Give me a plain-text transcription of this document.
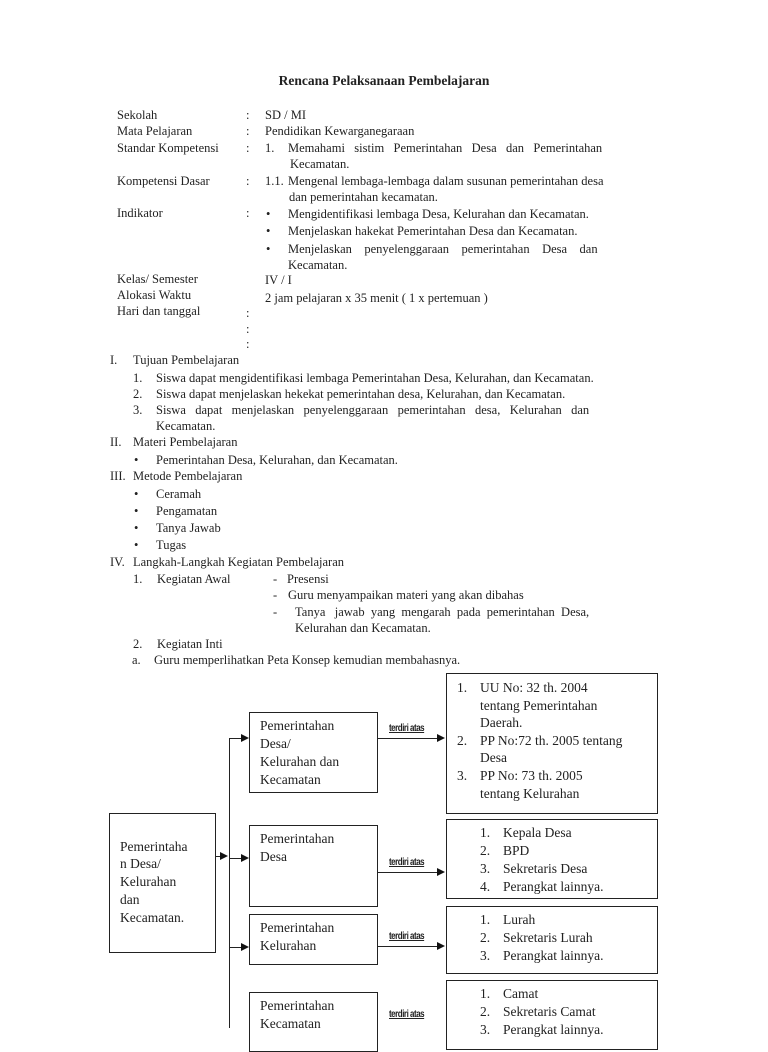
Rencana Pelaksanaan Pembelajaran
Sekolah	: SD / MI
Mata Pelajaran	: Pendidikan Kewarganegaraan
Standar Kompetensi : 1. Memahami   sistim   Pemerintahan   Desa   dan   Pemerintahan
Kecamatan.
Kompetensi Dasar	: 1.1. Mengenal lembaga-lembaga dalam susunan pemerintahan desa
dan pemerintahan kecamatan.
Indikator	: • Mengidentifikasi lembaga Desa, Kelurahan dan Kecamatan.
• Menjelaskan hakekat Pemerintahan Desa dan Kecamatan.
• Menjelaskan    penyelenggaraan    pemerintahan    Desa    dan
Kecamatan.
Kelas/ Semester	IV / I
Alokasi Waktu	2 jam pelajaran x 35 menit ( 1 x pertemuan )
Hari dan tanggal	:
:
:
I. Tujuan Pembelajaran
1. Siswa dapat mengidentifikasi lembaga Pemerintahan Desa, Kelurahan, dan Kecamatan.
2. Siswa dapat menjelaskan hekekat pemerintahan desa, Kelurahan, dan Kecamatan.
3. Siswa   dapat   menjelaskan   penyelenggaraan   pemerintahan   desa,   Kelurahan   dan
Kecamatan.
II. Materi Pembelajaran
• Pemerintahan Desa, Kelurahan, dan Kecamatan.
III. Metode Pembelajaran
• Ceramah
• Pengamatan
• Tanya Jawab
• Tugas
IV. Langkah-Langkah Kegiatan Pembelajaran
1. Kegiatan Awal	- Presensi
- Guru menyampaikan materi yang akan dibahas
- Tanya   jawab  yang  mengarah  pada  pemerintahan  Desa,
Kelurahan dan Kecamatan.
2. Kegiatan Inti
a. Guru memperlihatkan Peta Konsep kemudian membahasnya.
Pemerintaha
n Desa/
Kelurahan
dan
Kecamatan.
Pemerintahan
Desa/
Kelurahan dan
Kecamatan
terdiri atas
1. UU No: 32 th. 2004
tentang Pemerintahan
Daerah.
2. PP No:72 th. 2005 tentang
Desa
3. PP No: 73 th. 2005
tentang Kelurahan
Pemerintahan
Desa	terdiri atas
1. Kepala Desa
2. BPD
3. Sekretaris Desa
4. Perangkat lainnya.
Pemerintahan
Kelurahan
terdiri atas
1. Lurah
2. Sekretaris Lurah
3. Perangkat lainnya.
Pemerintahan
Kecamatan
terdiri atas
1. Camat
2. Sekretaris Camat
3. Perangkat lainnya.
